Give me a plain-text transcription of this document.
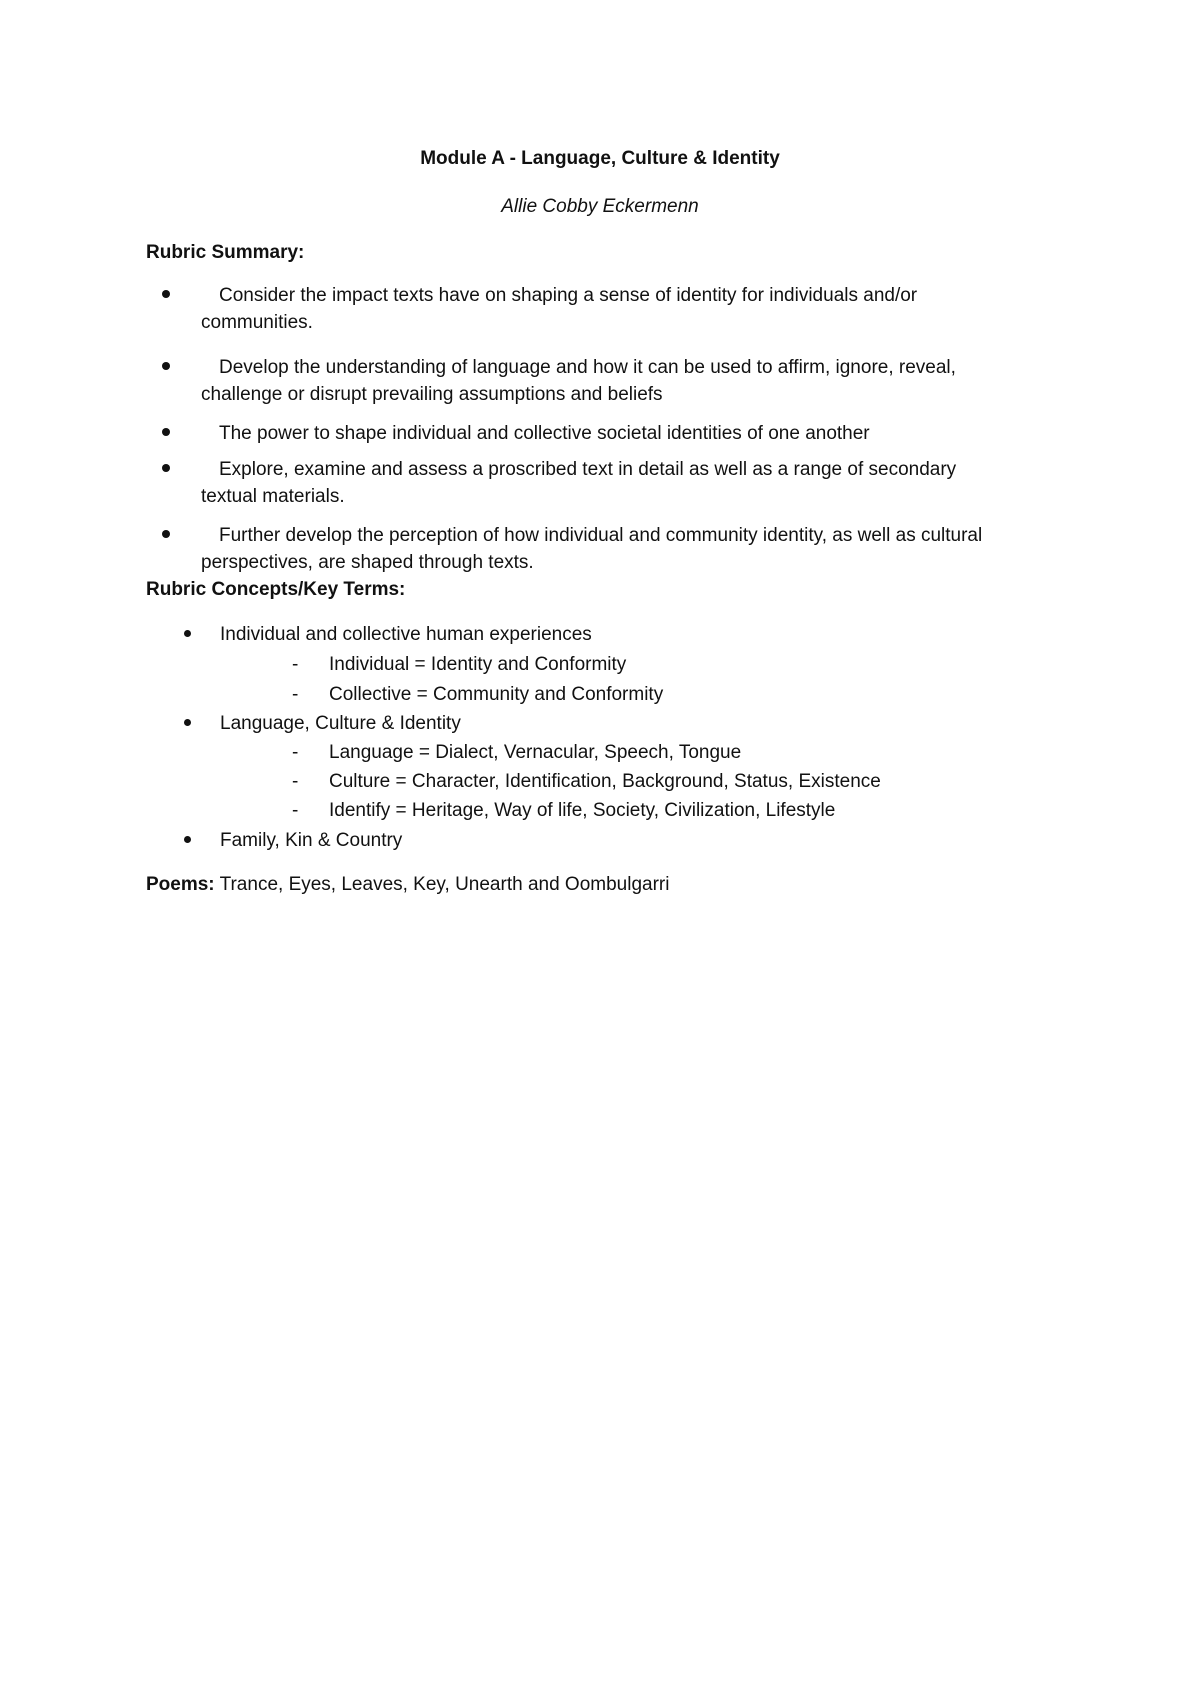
Module A - Language, Culture & Identity
Allie Cobby Eckermenn
Rubric Summary:
Consider the impact texts have on shaping a sense of identity for individuals and/or
communities.
Develop the understanding of language and how it can be used to affirm, ignore, reveal,
challenge or disrupt prevailing assumptions and beliefs
The power to shape individual and collective societal identities of one another
Explore, examine and assess a proscribed text in detail as well as a range of secondary
textual materials.
Further develop the perception of how individual and community identity, as well as cultural
perspectives, are shaped through texts.
Rubric Concepts/Key Terms:
Individual and collective human experiences
- Individual = Identity and Conformity
- Collective = Community and Conformity
Language, Culture & Identity
- Language = Dialect, Vernacular, Speech, Tongue
- Culture = Character, Identification, Background, Status, Existence
- Identify = Heritage, Way of life, Society, Civilization, Lifestyle
Family, Kin & Country
Poems: Trance, Eyes, Leaves, Key, Unearth and Oombulgarri
